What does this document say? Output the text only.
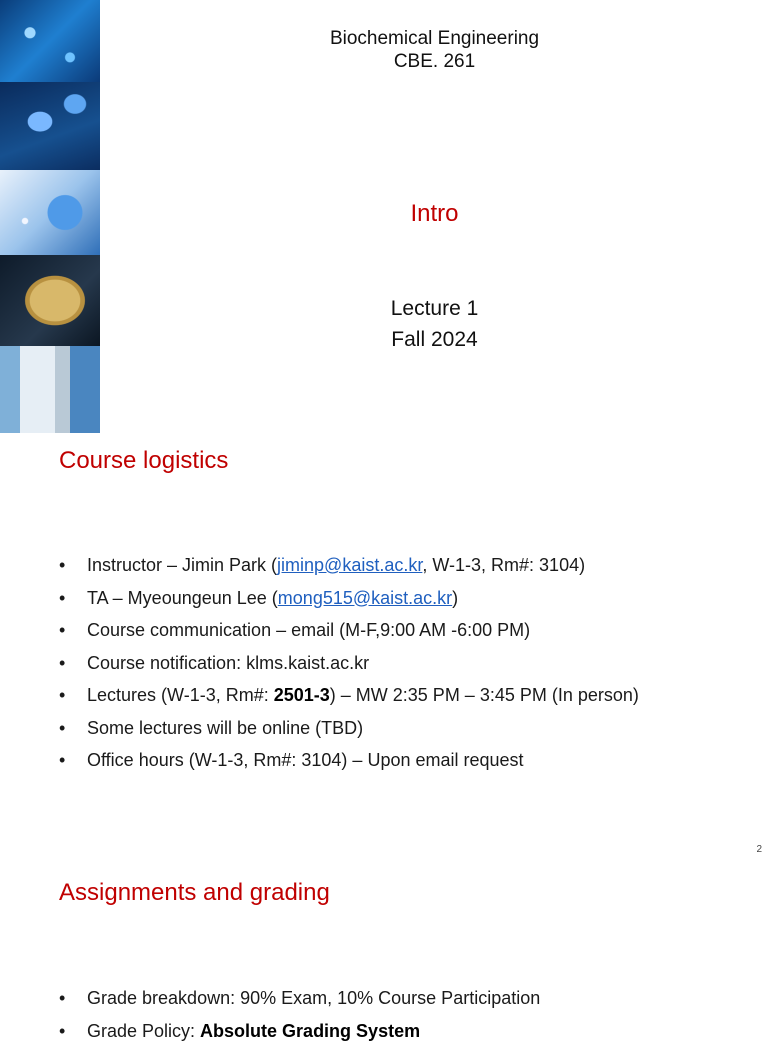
Biochemical Engineering
CBE. 261
Intro
Lecture 1
Fall 2024
Course logistics
• Instructor – Jimin Park (jiminp@kaist.ac.kr, W-1-3, Rm#: 3104)
• TA – Myeoungeun Lee (mong515@kaist.ac.kr)
• Course communication – email (M-F,9:00 AM -6:00 PM)
• Course notification: klms.kaist.ac.kr
• Lectures (W-1-3, Rm#: 2501-3) – MW 2:35 PM – 3:45 PM (In person)
• Some lectures will be online (TBD)
• Office hours (W-1-3, Rm#: 3104) – Upon email request
2
Assignments and grading
• Grade breakdown: 90% Exam, 10% Course Participation
• Grade Policy: Absolute Grading System
